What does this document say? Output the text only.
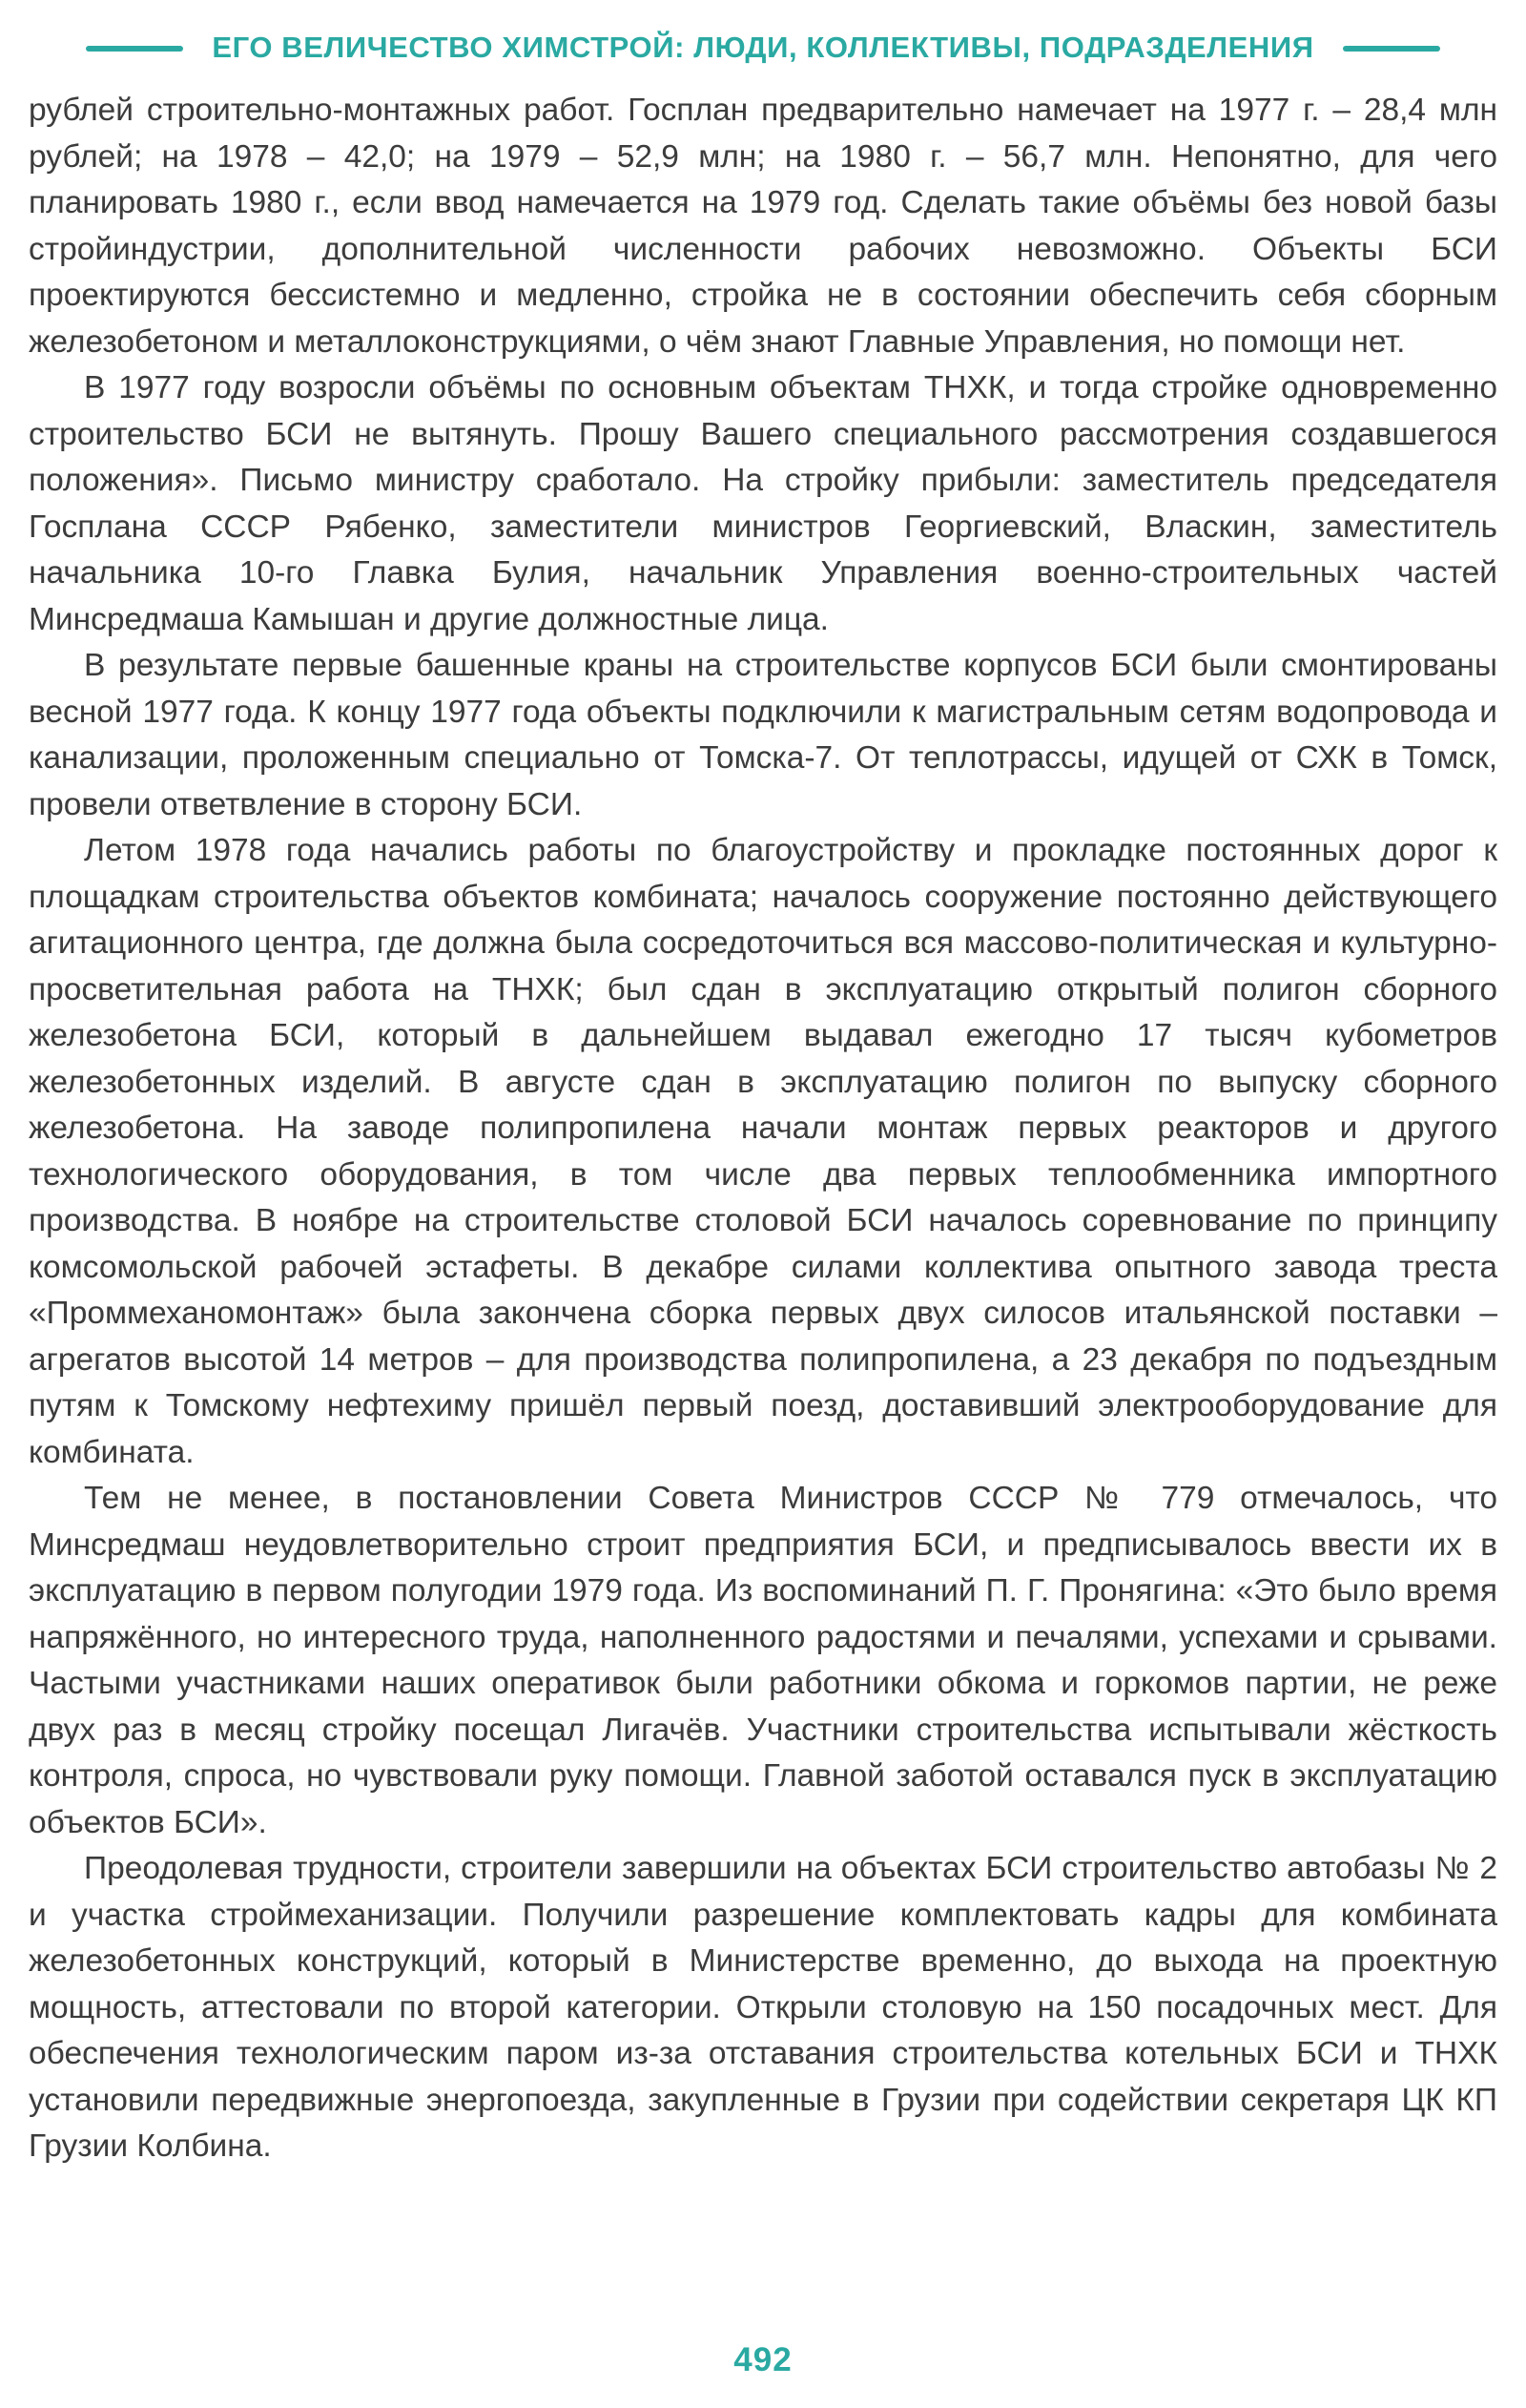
ЕГО ВЕЛИЧЕСТВО ХИМСТРОЙ: ЛЮДИ, КОЛЛЕКТИВЫ, ПОДРАЗДЕЛЕНИЯ

рублей строительно-монтажных работ. Госплан предварительно намечает на 1977 г. – 28,4 млн рублей; на 1978 – 42,0; на 1979 – 52,9 млн; на 1980 г. – 56,7 млн. Непонятно, для чего планировать 1980 г., если ввод намечается на 1979 год. Сделать такие объёмы без новой базы стройиндустрии, дополнительной численности рабочих невозможно. Объекты БСИ проектируются бессистемно и медленно, стройка не в состоянии обеспечить себя сборным железобетоном и металлоконструкциями, о чём знают Главные Управления, но помощи нет.

В 1977 году возросли объёмы по основным объектам ТНХК, и тогда стройке одновременно строительство БСИ не вытянуть. Прошу Вашего специального рассмотрения создавшегося положения». Письмо министру сработало. На стройку прибыли: заместитель председателя Госплана СССР Рябенко, заместители министров Георгиевский, Власкин, заместитель начальника 10-го Главка Булия, начальник Управления военно-строительных частей Минсредмаша Камышан и другие должностные лица.

В результате первые башенные краны на строительстве корпусов БСИ были смонтированы весной 1977 года. К концу 1977 года объекты подключили к магистральным сетям водопровода и канализации, проложенным специально от Томска-7. От теплотрассы, идущей от СХК в Томск, провели ответвление в сторону БСИ.

Летом 1978 года начались работы по благоустройству и прокладке постоянных дорог к площадкам строительства объектов комбината; началось сооружение постоянно действующего агитационного центра, где должна была сосредоточиться вся массово-политическая и культурно-просветительная работа на ТНХК; был сдан в эксплуатацию открытый полигон сборного железобетона БСИ, который в дальнейшем выдавал ежегодно 17 тысяч кубометров железобетонных изделий. В августе сдан в эксплуатацию полигон по выпуску сборного железобетона. На заводе полипропилена начали монтаж первых реакторов и другого технологического оборудования, в том числе два первых теплообменника импортного производства. В ноябре на строительстве столовой БСИ началось соревнование по принципу комсомольской рабочей эстафеты. В декабре силами коллектива опытного завода треста «Проммеханомонтаж» была закончена сборка первых двух силосов итальянской поставки – агрегатов высотой 14 метров – для производства полипропилена, а 23 декабря по подъездным путям к Томскому нефтехиму пришёл первый поезд, доставивший электрооборудование для комбината.

Тем не менее, в постановлении Совета Министров СССР № 779 отмечалось, что Минсредмаш неудовлетворительно строит предприятия БСИ, и предписывалось ввести их в эксплуатацию в первом полугодии 1979 года. Из воспоминаний П. Г. Пронягина: «Это было время напряжённого, но интересного труда, наполненного радостями и печалями, успехами и срывами. Частыми участниками наших оперативок были работники обкома и горкомов партии, не реже двух раз в месяц стройку посещал Лигачёв. Участники строительства испытывали жёсткость контроля, спроса, но чувствовали руку помощи. Главной заботой оставался пуск в эксплуатацию объектов БСИ».

Преодолевая трудности, строители завершили на объектах БСИ строительство автобазы № 2 и участка строймеханизации. Получили разрешение комплектовать кадры для комбината железобетонных конструкций, который в Министерстве временно, до выхода на проектную мощность, аттестовали по второй категории. Открыли столовую на 150 посадочных мест. Для обеспечения технологическим паром из-за отставания строительства котельных БСИ и ТНХК установили передвижные энергопоезда, закупленные в Грузии при содействии секретаря ЦК КП Грузии Колбина.

492
